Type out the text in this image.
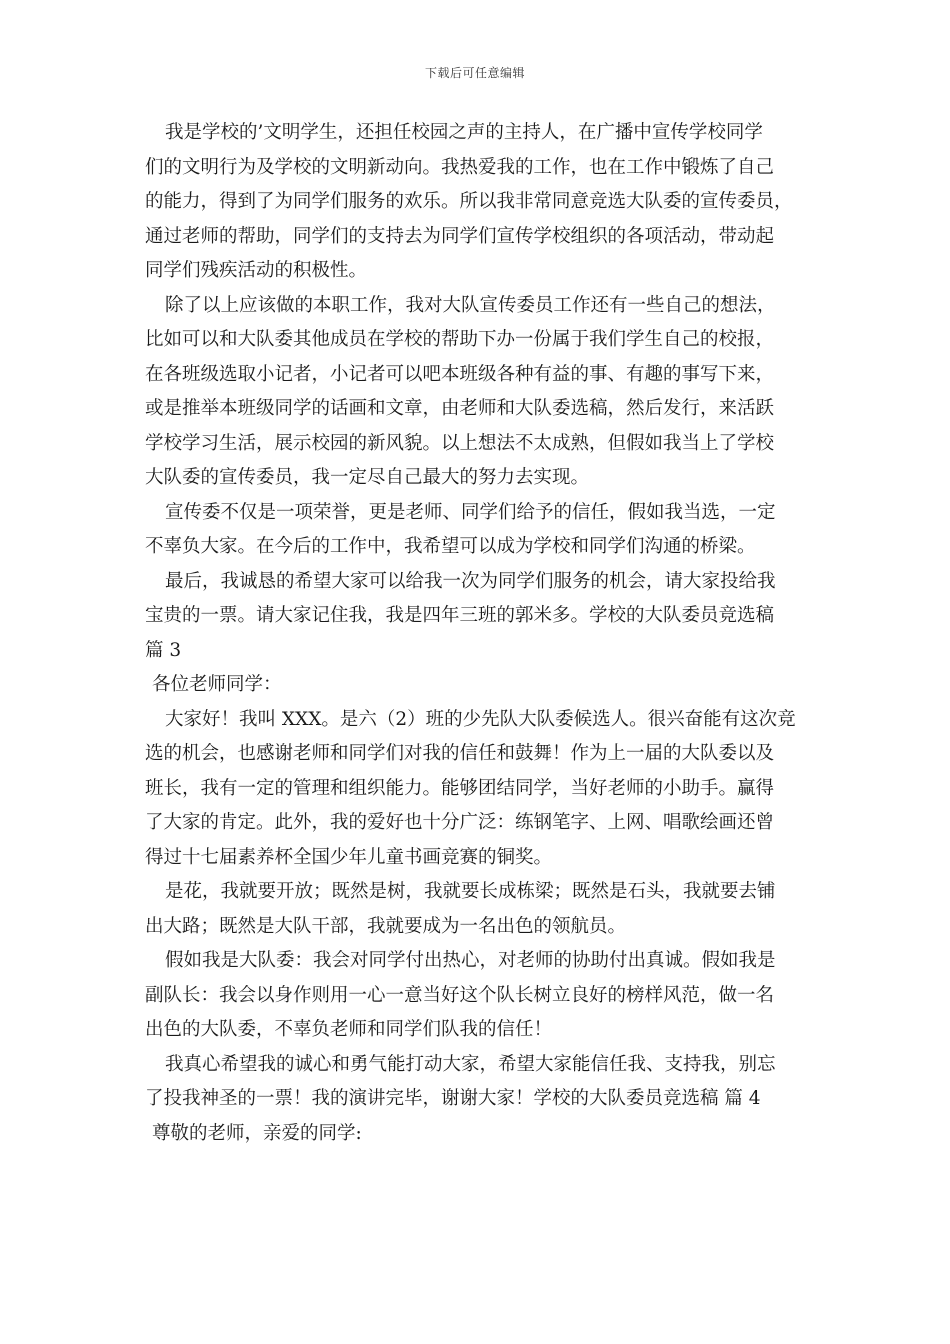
下载后可任意编辑
我是学校的’文明学生，还担任校园之声的主持人，在广播中宣传学校同学
们的文明行为及学校的文明新动向。我热爱我的工作，也在工作中锻炼了自己
的能力，得到了为同学们服务的欢乐。所以我非常同意竞选大队委的宣传委员，
通过老师的帮助，同学们的支持去为同学们宣传学校组织的各项活动，带动起
同学们残疾活动的积极性。
除了以上应该做的本职工作，我对大队宣传委员工作还有一些自己的想法，
比如可以和大队委其他成员在学校的帮助下办一份属于我们学生自己的校报，
在各班级选取小记者，小记者可以吧本班级各种有益的事、有趣的事写下来，
或是推举本班级同学的话画和文章，由老师和大队委选稿，然后发行，来活跃
学校学习生活，展示校园的新风貌。以上想法不太成熟，但假如我当上了学校
大队委的宣传委员，我一定尽自己最大的努力去实现。
宣传委不仅是一项荣誉，更是老师、同学们给予的信任，假如我当选，一定
不辜负大家。在今后的工作中，我希望可以成为学校和同学们沟通的桥梁。
最后，我诚恳的希望大家可以给我一次为同学们服务的机会，请大家投给我
宝贵的一票。请大家记住我，我是四年三班的郭米多。学校的大队委员竞选稿
篇 3
各位老师同学：
大家好！我叫 XXX。是六（2）班的少先队大队委候选人。很兴奋能有这次竞
选的机会，也感谢老师和同学们对我的信任和鼓舞！作为上一届的大队委以及
班长，我有一定的管理和组织能力。能够团结同学，当好老师的小助手。赢得
了大家的肯定。此外，我的爱好也十分广泛：练钢笔字、上网、唱歌绘画还曾
得过十七届素养杯全国少年儿童书画竞赛的铜奖。
是花，我就要开放；既然是树，我就要长成栋梁；既然是石头，我就要去铺
出大路；既然是大队干部，我就要成为一名出色的领航员。
假如我是大队委：我会对同学付出热心，对老师的协助付出真诚。假如我是
副队长：我会以身作则用一心一意当好这个队长树立良好的榜样风范，做一名
出色的大队委，不辜负老师和同学们队我的信任！
我真心希望我的诚心和勇气能打动大家，希望大家能信任我、支持我，别忘
了投我神圣的一票！我的演讲完毕，谢谢大家！学校的大队委员竞选稿 篇 4
尊敬的老师，亲爱的同学:
